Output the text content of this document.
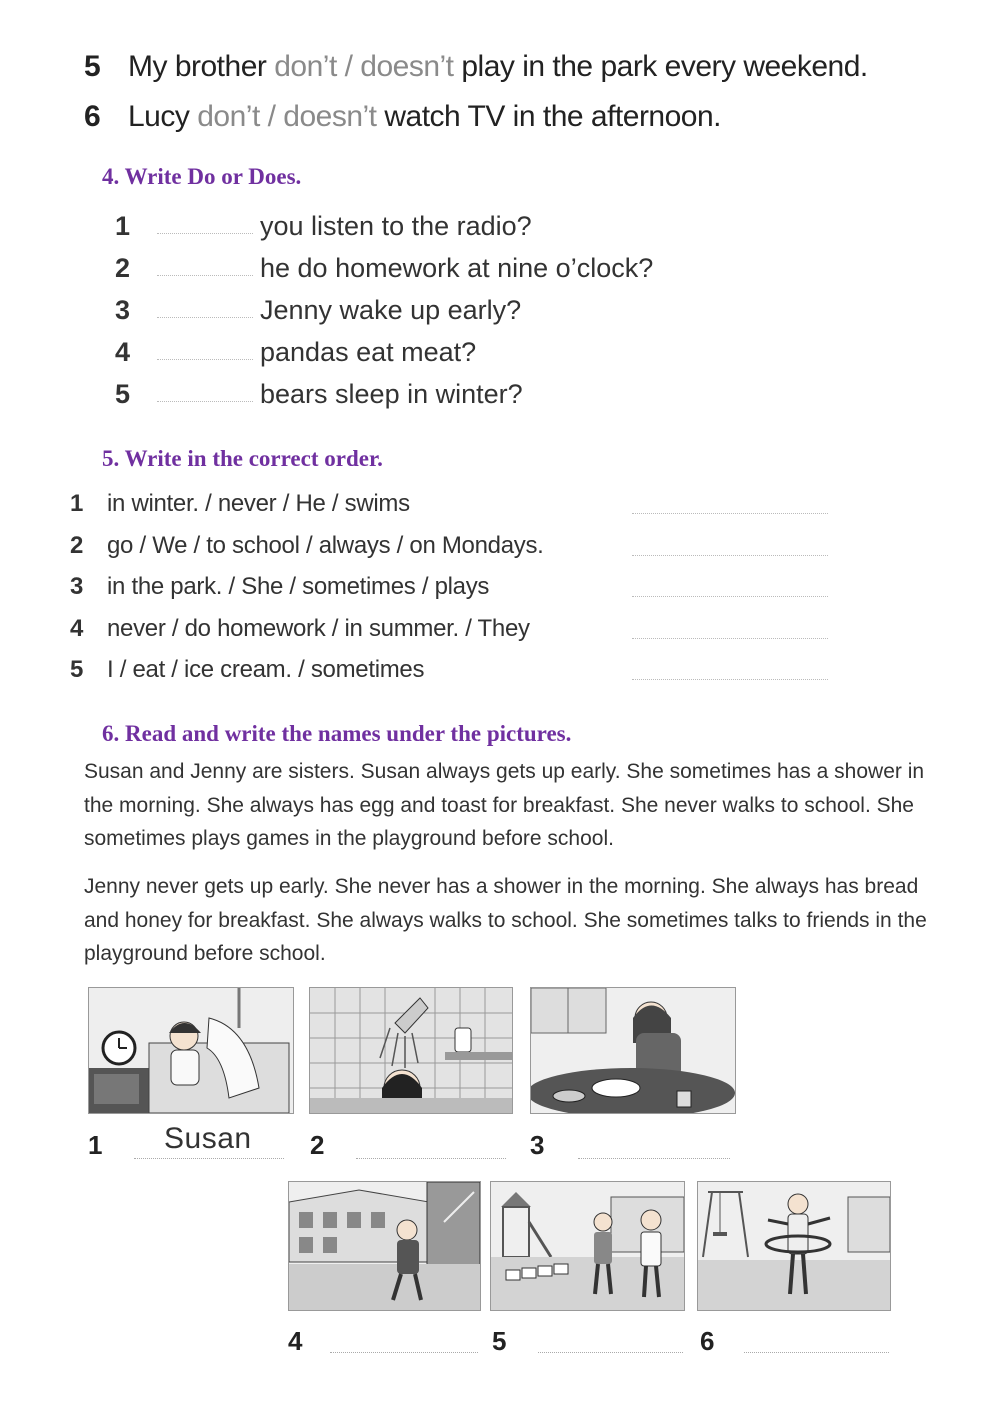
5 My brother don’t / doesn’t play in the park every weekend.
6 Lucy don’t / doesn’t watch TV in the afternoon.
4. Write Do or Does.
1	you listen to the radio?
2	he do homework at nine o’clock?
3	Jenny wake up early?
4	pandas eat meat?
5	bears sleep in winter?
5. Write in the correct order.
1 in winter. / never / He / swims
2 go / We / to school / always / on Mondays.
3 in the park. / She / sometimes / plays
4 never / do homework / in summer. / They
5 I / eat / ice cream. / sometimes
6. Read and write the names under the pictures.
Susan and Jenny are sisters. Susan always gets up early. She sometimes has a shower in the morning. She always has egg and toast for breakfast. She never walks to school. She sometimes plays games in the playground before school.
Jenny never gets up early. She never has a shower in the morning. She always has bread and honey for breakfast. She always walks to school. She sometimes talks to friends in the playground before school.
1 Susan 2	3
4	5	6
